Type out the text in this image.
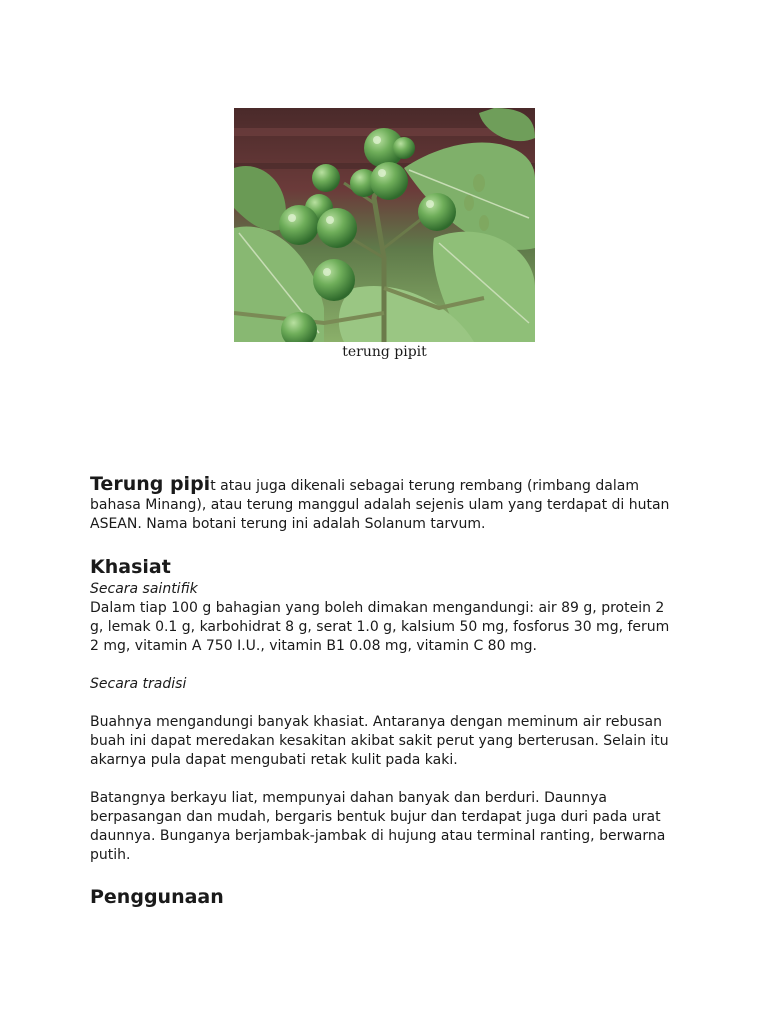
terung pipit

Terung pipit atau juga dikenali sebagai terung rembang (rimbang dalam bahasa Minang), atau terung manggul adalah sejenis ulam yang terdapat di hutan ASEAN. Nama botani terung ini adalah Solanum tarvum.

Khasiat

Secara saintifik

Dalam tiap 100 g bahagian yang boleh dimakan mengandungi: air 89 g, protein 2 g, lemak 0.1 g, karbohidrat 8 g, serat 1.0 g, kalsium 50 mg, fosforus 30 mg, ferum 2 mg, vitamin A 750 I.U., vitamin B1 0.08 mg, vitamin C 80 mg.

Secara tradisi

Buahnya mengandungi banyak khasiat. Antaranya dengan meminum air rebusan buah ini dapat meredakan kesakitan akibat sakit perut yang berterusan. Selain itu akarnya pula dapat mengubati retak kulit pada kaki.

Batangnya berkayu liat, mempunyai dahan banyak dan berduri. Daunnya berpasangan dan mudah, bergaris bentuk bujur dan terdapat juga duri pada urat daunnya. Bunganya berjambak-jambak di hujung atau terminal ranting, berwarna putih.

Penggunaan
